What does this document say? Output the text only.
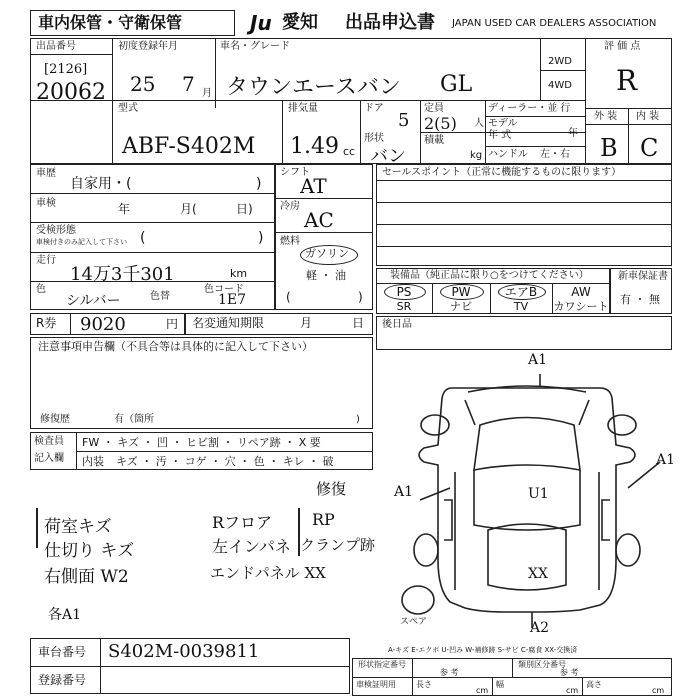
車内保管・守衛保管	Ju 愛知 出品申込書 JAPAN USED CAR DEALERS ASSOCIATION
出品番号
[2126]
20062
初度登録年月
25 7 月
車名・グレード
タウンエースバン GL
2WD
4WD
評 価 点
R
型式
ABF-S402M
排気量
1.49 cc
ドア
5
形状
バン
定員
2(5) 人
積載
kg
ディーラー・並 行
モデル
年 式	年
ハンドル 左・右
外 装 内 装
B C
車歴
自家用・(	)
車検	年	月(	日)
受検形態
車検付きのみ記入して下さい (	)
走行
14万3千301	km
色
シルバー	色替
色コード
1E7
シフト
AT
冷房
AC
燃料
ガソリン
軽 ・ 油
(	)
セールスポイント（正常に機能するものに限ります）
装備品（純正品に限り○をつけてください）
PS	PW	エアB	AW
SR	ナビ	TV	カワシート
新車保証書
有 ・ 無
R券 9020	円 名変通知期限	月	日 後日品
注意事項申告欄（不具合等は具体的に記入して下さい）
修復歴	有（箇所	)
検査員
記入欄
FW ・ キズ ・ 凹 ・ ヒビ割 ・ リペア跡 ・ X 要
内装 キズ ・ 汚 ・ コゲ ・ 穴 ・ 色 ・ キレ ・ 破
修復
荷室キズ
仕切り キズ
右側面 W2
Rフロア RP
左インパネ クランプ跡
エンドパネル XX
各A1
A1
A1
A1	U1
XX
A2
スペア
車台番号 S402M-0039811
登録番号
A-キズ E-エクボ U-凹み W-補修跡 S-サビ C-腐食 XX-交換済
形状指定番号
参 考
類別区分番号
参 考
車検証明用	長さ
cm
幅
cm
高さ
cm
